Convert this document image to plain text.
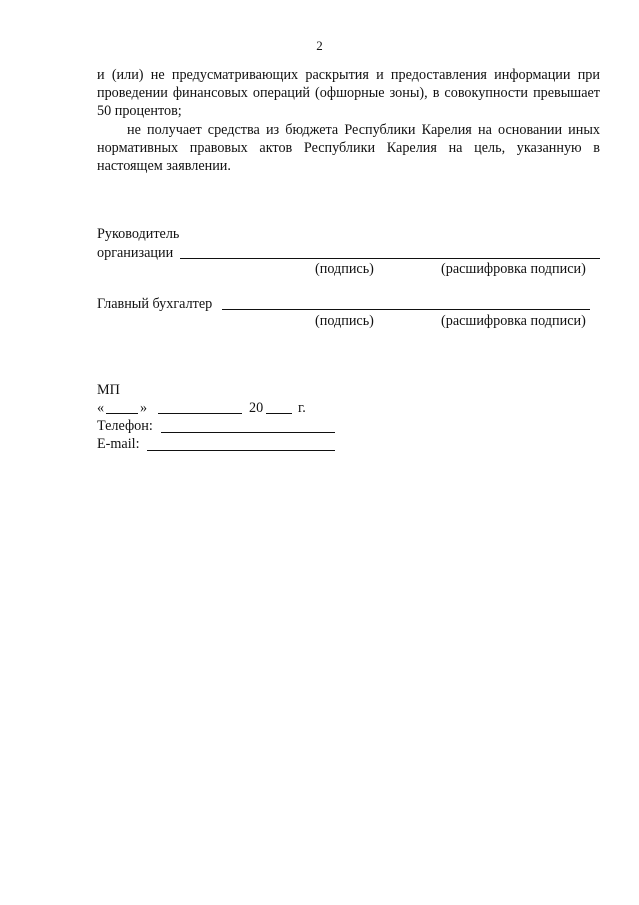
2

и (или) не предусматривающих раскрытия и предоставления информации при проведении финансовых операций (офшорные зоны), в совокупности превышает 50 процентов;

не получает средства из бюджета Республики Карелия на основании иных нормативных правовых актов Республики Карелия на цель, указанную в настоящем заявлении.

Руководитель
организации
(подпись)	(расшифровка подписи)
Главный бухгалтер
(подпись)	(расшифровка подписи)
МП
«	»	20 г.
Телефон:
E-mail:
